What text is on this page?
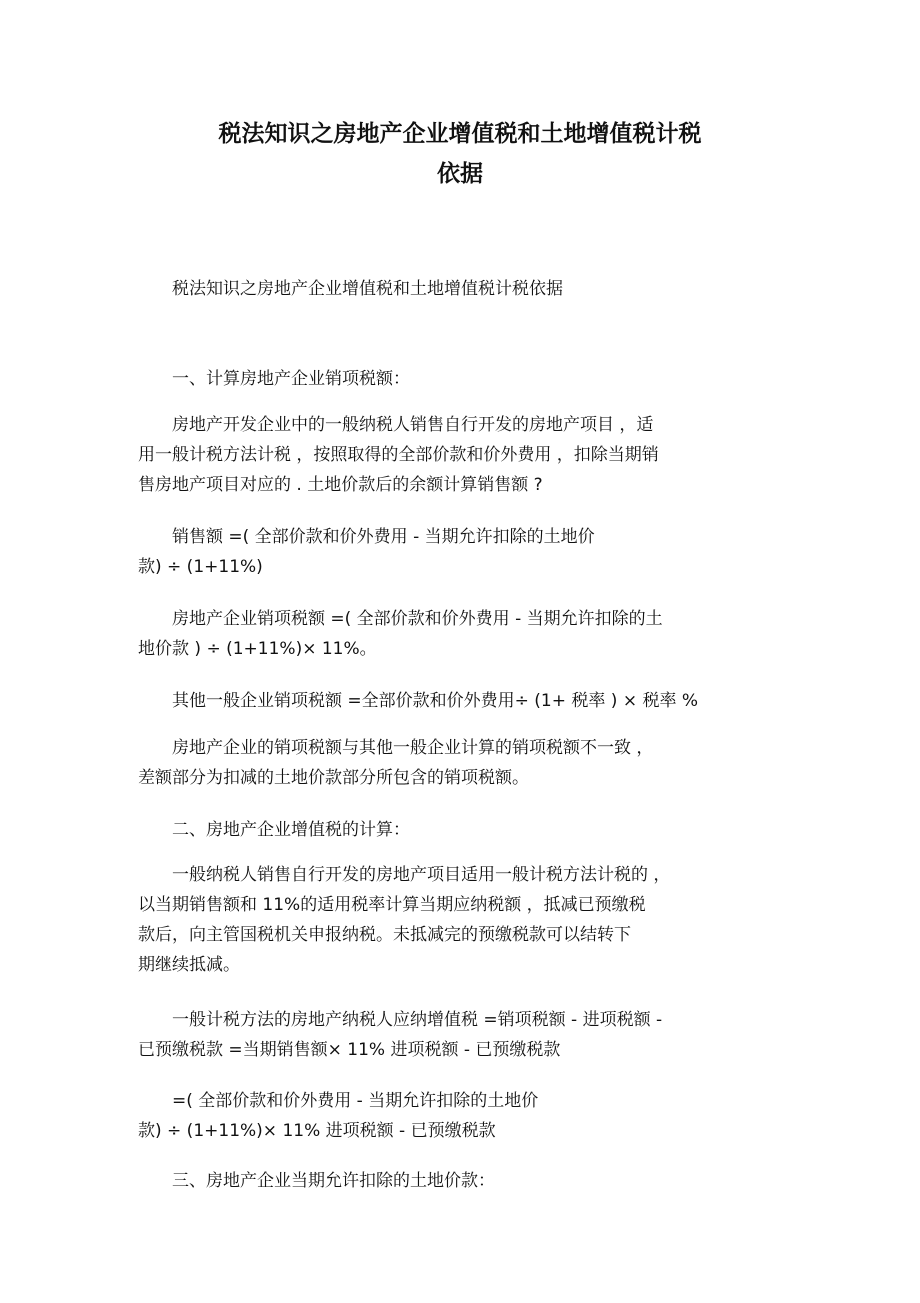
税法知识之房地产企业增值税和土地增值税计税
依据
税法知识之房地产企业增值税和土地增值税计税依据
一、计算房地产企业销项税额：
房地产开发企业中的一般纳税人销售自行开发的房地产项目 ，适
用一般计税方法计税 ，按照取得的全部价款和价外费用 ，扣除当期销
售房地产项目对应的 . 土地价款后的余额计算销售额 ?
销售额 =( 全部价款和价外费用 - 当期允许扣除的土地价
款) ÷ (1+11%)
房地产企业销项税额 =( 全部价款和价外费用 - 当期允许扣除的土
地价款 ) ÷ (1+11%)× 11%。
其他一般企业销项税额 =全部价款和价外费用÷ (1+ 税率 ) × 税率 %
房地产企业的销项税额与其他一般企业计算的销项税额不一致 ，
差额部分为扣减的土地价款部分所包含的销项税额。
二、房地产企业增值税的计算：
一般纳税人销售自行开发的房地产项目适用一般计税方法计税的 ，
以当期销售额和 11%的适用税率计算当期应纳税额 ，抵减已预缴税
款后，向主管国税机关申报纳税。未抵减完的预缴税款可以结转下
期继续抵减。
一般计税方法的房地产纳税人应纳增值税 =销项税额 - 进项税额 -
已预缴税款 =当期销售额× 11% 进项税额 - 已预缴税款
=( 全部价款和价外费用 - 当期允许扣除的土地价
款) ÷ (1+11%)× 11% 进项税额 - 已预缴税款
三、房地产企业当期允许扣除的土地价款：
